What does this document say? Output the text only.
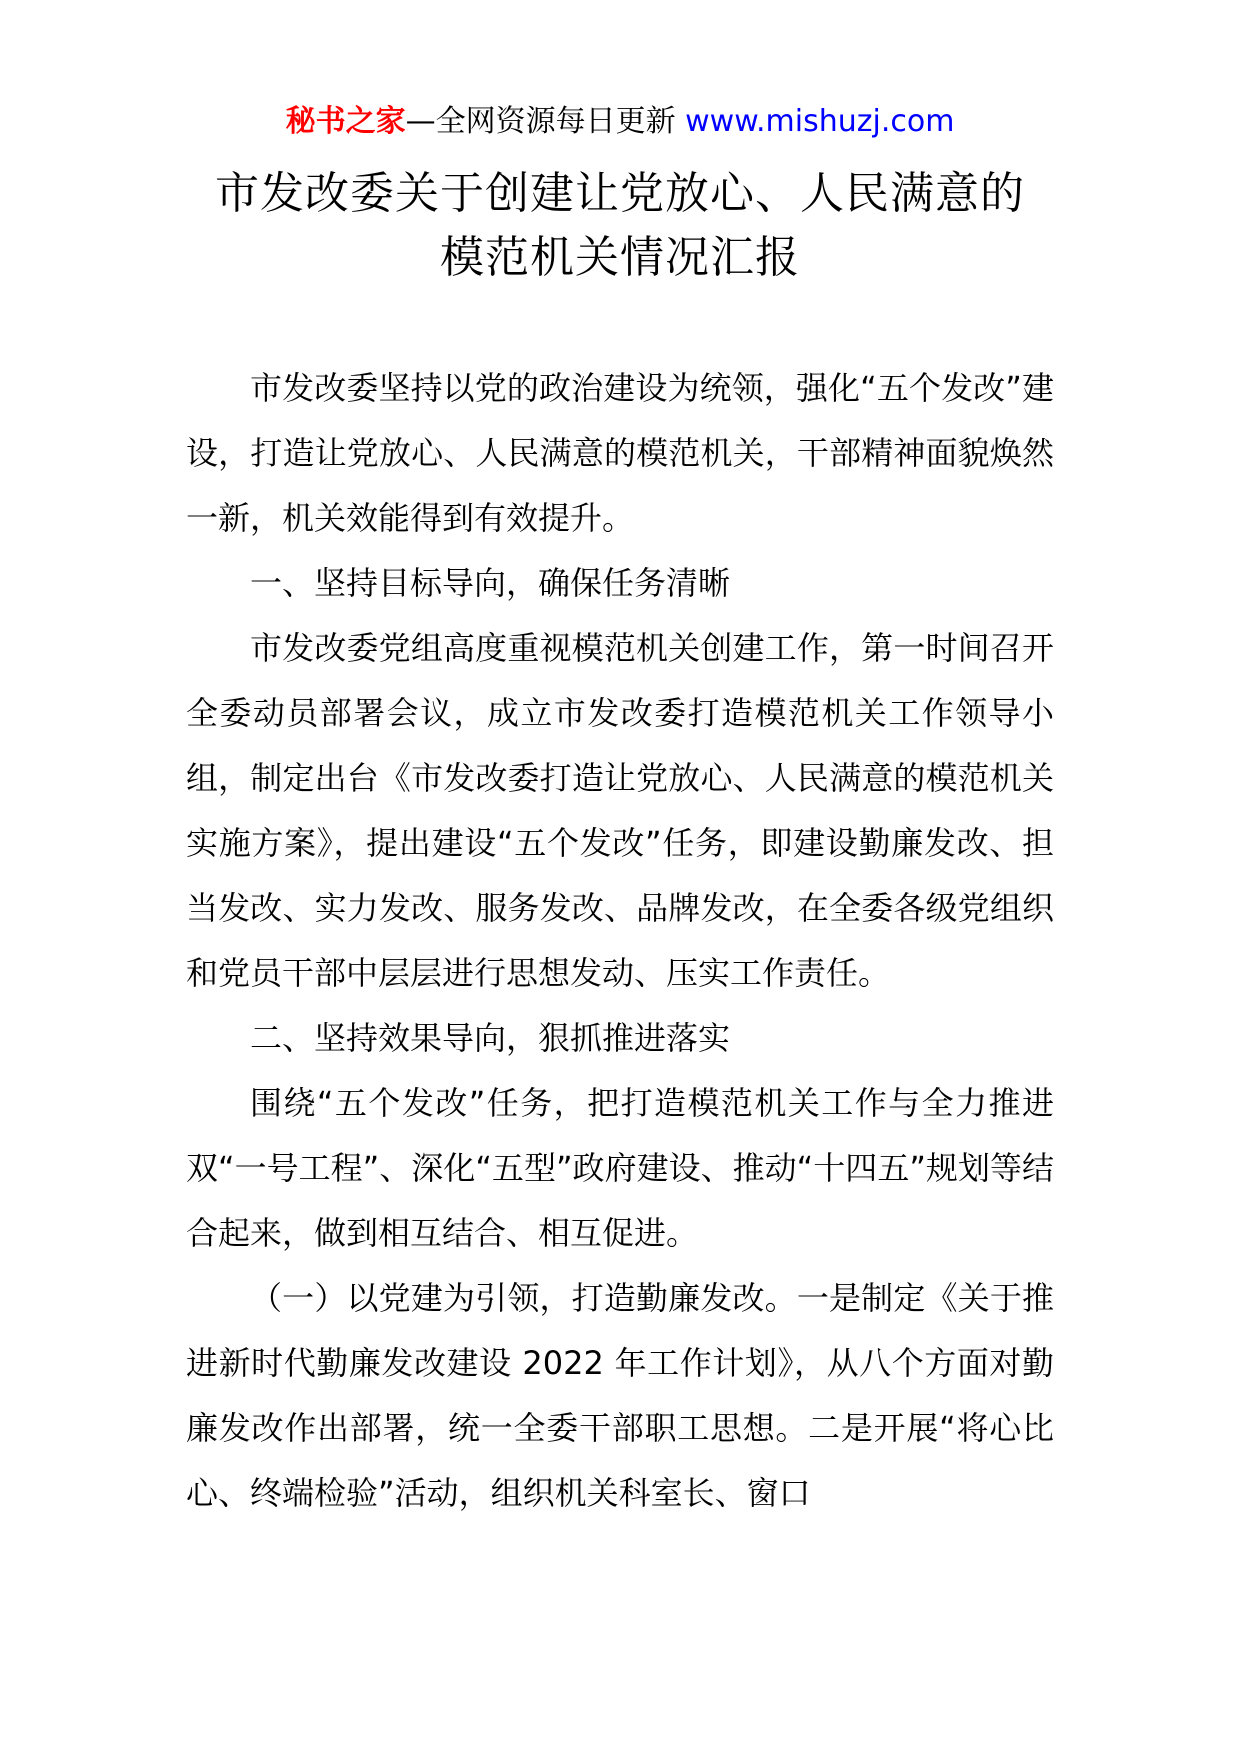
秘书之家—全网资源每日更新 www.mishuzj.com
市发改委关于创建让党放心、人民满意的
模范机关情况汇报

市发改委坚持以党的政治建设为统领，强化“五个发改”建设，打造让党放心、人民满意的模范机关，干部精神面貌焕然一新，机关效能得到有效提升。

一、坚持目标导向，确保任务清晰

市发改委党组高度重视模范机关创建工作，第一时间召开全委动员部署会议，成立市发改委打造模范机关工作领导小组，制定出台《市发改委打造让党放心、人民满意的模范机关实施方案》，提出建设“五个发改”任务，即建设勤廉发改、担当发改、实力发改、服务发改、品牌发改，在全委各级党组织和党员干部中层层进行思想发动、压实工作责任。

二、坚持效果导向，狠抓推进落实

围绕“五个发改”任务，把打造模范机关工作与全力推进双“一号工程”、深化“五型”政府建设、推动“十四五”规划等结合起来，做到相互结合、相互促进。

（一）以党建为引领，打造勤廉发改。一是制定《关于推进新时代勤廉发改建设 2022 年工作计划》，从八个方面对勤廉发改作出部署，统一全委干部职工思想。二是开展“将心比心、终端检验”活动，组织机关科室长、窗口
